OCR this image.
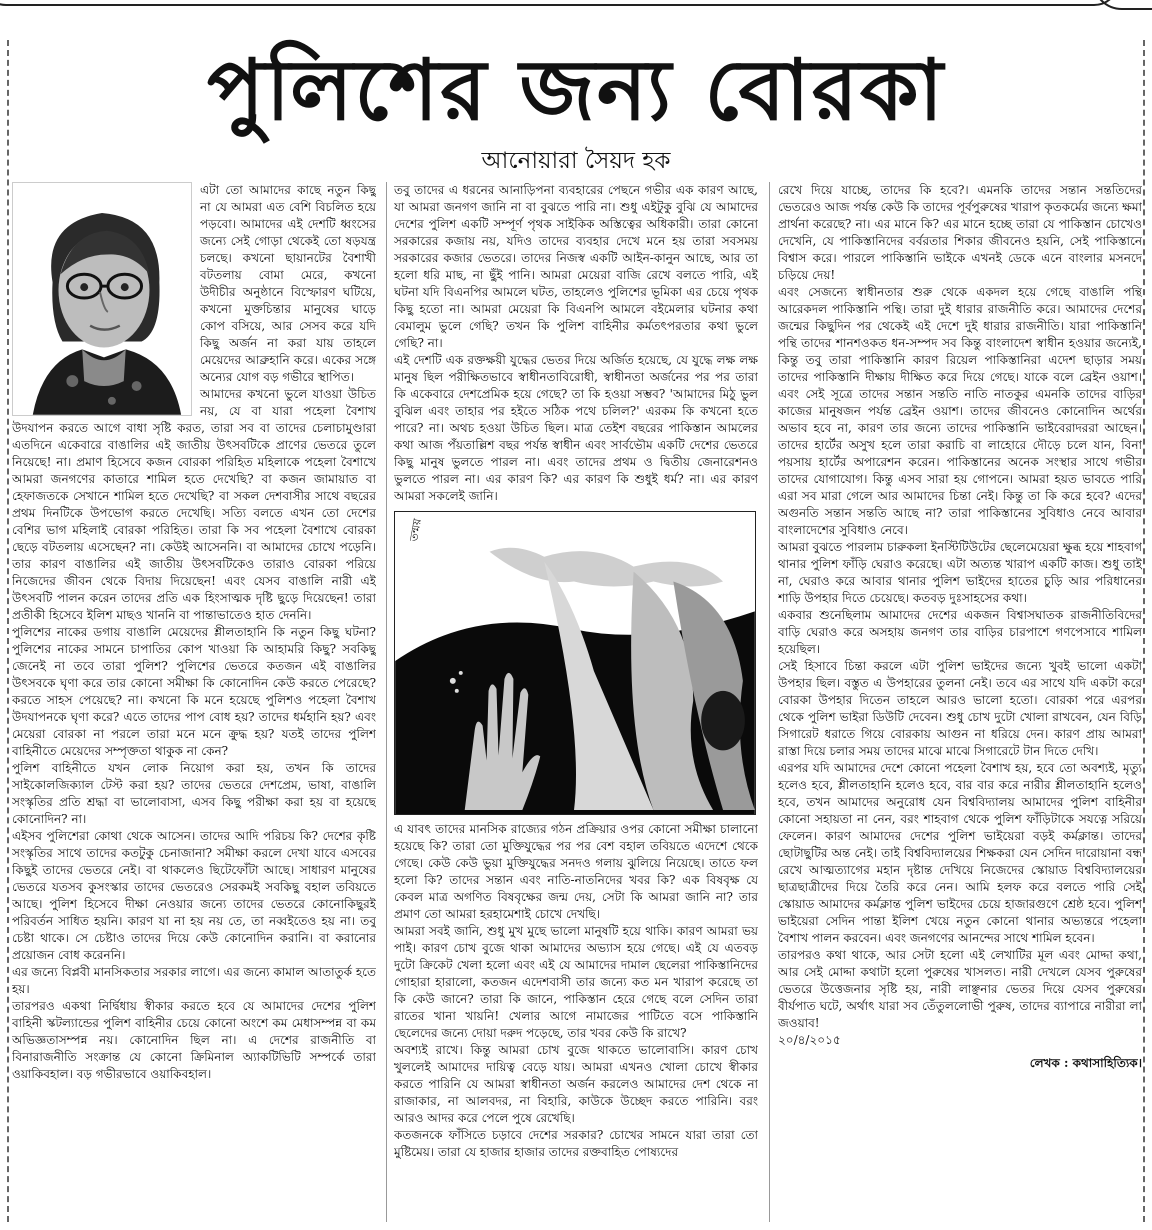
পুলিশের জন্য বোরকা
আনোয়ারা সৈয়দ হক

এটা তো আমাদের কাছে নতুন কিছু না যে আমরা এত বেশি বিচলিত হয়ে পড়বো। আমাদের এই দেশটি ধ্বংসের জন্যে সেই গোড়া থেকেই তো ষড়যন্ত্র চলছে। কখনো ছায়ানটের বৈশাখী বটতলায় বোমা মেরে, কখনো উদীচীর অনুষ্ঠানে বিস্ফোরণ ঘটিয়ে, কখনো মুক্তচিন্তার মানুষের ঘাড়ে কোপ বসিয়ে, আর সেসব করে যদি কিছু অর্জন না করা যায় তাহলে মেয়েদের আব্রুহানি করে। একের সঙ্গে অন্যের যোগ বড় গভীরে স্থাপিত।

আমাদের কখনো ভুলে যাওয়া উচিত নয়, যে বা যারা পহেলা বৈশাখ উদযাপন করতে আগে বাধা সৃষ্টি করত, তারা সব বা তাদের চেলাচামুণ্ডারা এতদিনে একেবারে বাঙালির এই জাতীয় উৎসবটিকে প্রাণের ভেতরে তুলে নিয়েছে! না। প্রমাণ হিসেবে কজন বোরকা পরিহিত মহিলাকে পহেলা বৈশাখে আমরা জনগণের কাতারে শামিল হতে দেখেছি? বা কজন জামায়াত বা হেফাজতকে সেখানে শামিল হতে দেখেছি? বা সকল দেশবাসীর সাথে বছরের প্রথম দিনটিকে উপভোগ করতে দেখেছি। সত্যি বলতে এখন তো দেশের বেশির ভাগ মহিলাই বোরকা পরিহিত। তারা কি সব পহেলা বৈশাখে বোরকা ছেড়ে বটতলায় এসেছেন? না। কেউই আসেননি। বা আমাদের চোখে পড়েনি। তার কারণ বাঙালির এই জাতীয় উৎসবটিকেও তারাও বোরকা পরিয়ে নিজেদের জীবন থেকে বিদায় দিয়েছেন! এবং যেসব বাঙালি নারী এই উৎসবটি পালন করেন তাদের প্রতি এক হিংসাত্মক দৃষ্টি ছুড়ে দিয়েছেন! তারা প্রতীকী হিসেবে ইলিশ মাছও খাননি বা পান্তাভাতেও হাত দেননি।

পুলিশের নাকের ডগায় বাঙালি মেয়েদের শ্লীলতাহানি কি নতুন কিছু ঘটনা? পুলিশের নাকের সামনে চাপাতির কোপ খাওয়া কি আহামরি কিছু? সবকিছু জেনেই না তবে তারা পুলিশ? পুলিশের ভেতরে কতজন এই বাঙালির উৎসবকে ঘৃণা করে তার কোনো সমীক্ষা কি কোনোদিন কেউ করতে পেরেছে? করতে সাহস পেয়েছে? না। কখনো কি মনে হয়েছে পুলিশও পহেলা বৈশাখ উদযাপনকে ঘৃণা করে? এতে তাদের পাপ বোধ হয়? তাদের ধর্মহানি হয়? এবং মেয়েরা বোরকা না পরলে তারা মনে মনে ক্রুদ্ধ হয়? যতই তাদের পুলিশ বাহিনীতে মেয়েদের সম্পৃক্ততা থাকুক না কেন?

পুলিশ বাহিনীতে যখন লোক নিয়োগ করা হয়, তখন কি তাদের সাইকোলজিক্যাল টেস্ট করা হয়? তাদের ভেতরে দেশপ্রেম, ভাষা, বাঙালি সংস্কৃতির প্রতি শ্রদ্ধা বা ভালোবাসা, এসব কিছু পরীক্ষা করা হয় বা হয়েছে কোনোদিন? না।

এইসব পুলিশেরা কোথা থেকে আসেন। তাদের আদি পরিচয় কি? দেশের কৃষ্টি সংস্কৃতির সাথে তাদের কতটুকু চেনাজানা? সমীক্ষা করলে দেখা যাবে এসবের কিছুই তাদের ভেতরে নেই। বা থাকলেও ছিটেফোঁটা আছে। সাধারণ মানুষের ভেতরে যতসব কুসংস্কার তাদের ভেতরেও সেরকমই সবকিছু বহাল তবিয়তে আছে। পুলিশ হিসেবে দীক্ষা নেওয়ার জন্যে তাদের ভেতরে কোনোকিছুরই পরিবর্তন সাধিত হয়নি। কারণ যা না হয় নয় তে, তা নব্বইতেও হয় না। তবু চেষ্টা থাকে। সে চেষ্টাও তাদের দিয়ে কেউ কোনোদিন করানি। বা করানোর প্রয়োজন বোধ করেননি।

এর জন্যে বিপ্লবী মানসিকতার সরকার লাগে। এর জন্যে কামাল আতাতুর্ক হতে হয়।

তারপরও একথা নির্দ্বিধায় স্বীকার করতে হবে যে আমাদের দেশের পুলিশ বাহিনী স্কটল্যান্ডের পুলিশ বাহিনীর চেয়ে কোনো অংশে কম মেধাসম্পন্ন বা কম অভিজ্ঞতাসম্পন্ন নয়। কোনোদিন ছিল না। এ দেশের রাজনীতি বা বিনারাজনীতি সংক্রান্ত যে কোনো ক্রিমিনাল অ্যাকটিভিটি সম্পর্কে তারা ওয়াকিবহাল। বড় গভীরভাবে ওয়াকিবহাল।

তবু তাদের এ ধরনের আনাড়িপনা ব্যবহারের পেছনে গভীর এক কারণ আছে, যা আমরা জনগণ জানি না বা বুঝতে পারি না। শুধু এইটুকু বুঝি যে আমাদের দেশের পুলিশ একটি সম্পূর্ণ পৃথক সাইকিক অস্তিত্বের অধিকারী। তারা কোনো সরকারের কজায় নয়, যদিও তাদের ব্যবহার দেখে মনে হয় তারা সবসময় সরকারের কজার ভেতরে। তাদের নিজস্ব একটি আইন-কানুন আছে, আর তা হলো ধরি মাছ, না ছুঁই পানি। আমরা মেয়েরা বাজি রেখে বলতে পারি, এই ঘটনা যদি বিএনপির আমলে ঘটত, তাহলেও পুলিশের ভূমিকা এর চেয়ে পৃথক কিছু হতো না। আমরা মেয়েরা কি বিএনপি আমলে বইমেলার ঘটনার কথা বেমালুম ভুলে গেছি? তখন কি পুলিশ বাহিনীর কর্মতৎপরতার কথা ভুলে গেছি? না।

এই দেশটি এক রক্তক্ষয়ী যুদ্ধের ভেতর দিয়ে অর্জিত হয়েছে, যে যুদ্ধে লক্ষ লক্ষ মানুষ ছিল পরীক্ষিতভাবে স্বাধীনতাবিরোধী, স্বাধীনতা অর্জনের পর পর তারা কি একেবারে দেশপ্রেমিক হয়ে গেছে? তা কি হওয়া সম্ভব? 'আমাদের মিঠু ভুল বুঝিল এবং তাহার পর হইতে সঠিক পথে চলিল?' এরকম কি কখনো হতে পারে? না। অথচ হওয়া উচিত ছিল। মাত্র তেইশ বছরের পাকিস্তান আমলের কথা আজ পঁয়তাল্লিশ বছর পর্যন্ত স্বাধীন এবং সার্বভৌম একটি দেশের ভেতরে কিছু মানুষ ভুলতে পারল না। এবং তাদের প্রথম ও দ্বিতীয় জেনারেশনও ভুলতে পারল না। এর কারণ কি? এর কারণ কি শুধুই ধর্ম? না। এর কারণ আমরা সকলেই জানি।

তন্ময়

এ যাবৎ তাদের মানসিক রাজ্যের গঠন প্রক্রিয়ার ওপর কোনো সমীক্ষা চালানো হয়েছে কি? তারা তো মুক্তিযুদ্ধের পর পর বেশ বহাল তবিয়তে এদেশে থেকে গেছে। কেউ কেউ ভুয়া মুক্তিযুদ্ধের সনদও গলায় ঝুলিয়ে নিয়েছে। তাতে ফল হলো কি? তাদের সন্তান এবং নাতি-নাতনিদের খবর কি? এক বিষবৃক্ষ যে কেবল মাত্র অগণিত বিষবৃক্ষের জন্ম দেয়, সেটা কি আমরা জানি না? তার প্রমাণ তো আমরা হরহামেশাই চোখে দেখছি।

আমরা সবই জানি, শুধু মুখ মুছে ভালো মানুষটি হয়ে থাকি। কারণ আমরা ভয় পাই। কারণ চোখ বুজে থাকা আমাদের অভ্যাস হয়ে গেছে। এই যে এতবড় দুটো ক্রিকেট খেলা হলো এবং এই যে আমাদের দামাল ছেলেরা পাকিস্তানিদের গোহারা হারালো, কতজন এদেশবাসী তার জন্যে কত মন খারাপ করেছে তা কি কেউ জানে? তারা কি জানে, পাকিস্তান হেরে গেছে বলে সেদিন তারা রাতের খানা খায়নি! খেলার আগে নামাজের পাটিতে বসে পাকিস্তানি ছেলেদের জন্যে দোয়া দরুদ পড়েছে, তার খবর কেউ কি রাখে?

অবশ্যই রাখে। কিন্তু আমরা চোখ বুজে থাকতে ভালোবাসি। কারণ চোখ খুললেই আমাদের দায়িত্ব বেড়ে যায়। আমরা এখনও খোলা চোখে স্বীকার করতে পারিনি যে আমরা স্বাধীনতা অর্জন করলেও আমাদের দেশ থেকে না রাজাকার, না আলবদর, না বিহারি, কাউকে উচ্ছেদ করতে পারিনি। বরং আরও আদর করে পেলে পুষে রেখেছি।

কতজনকে ফাঁসিতে চড়াবে দেশের সরকার? চোখের সামনে যারা তারা তো মুষ্টিমেয়। তারা যে হাজার হাজার তাদের রক্তবাহিত পোষ্যদের

রেখে দিয়ে যাচ্ছে, তাদের কি হবে?। এমনকি তাদের সন্তান সন্ততিদের ভেতরেও আজ পর্যন্ত কেউ কি তাদের পূর্বপুরুষের খারাপ কৃতকর্মের জন্যে ক্ষমা প্রার্থনা করেছে? না। এর মানে কি? এর মানে হচ্ছে তারা যে পাকিস্তান চোখেও দেখেনি, যে পাকিস্তানিদের বর্বরতার শিকার জীবনেও হয়নি, সেই পাকিস্তানে বিশ্বাস করে। পারলে পাকিস্তানি ভাইকে এখনই ডেকে এনে বাংলার মসনদে চড়িয়ে দেয়!

এবং সেজন্যে স্বাধীনতার শুরু থেকে একদল হয়ে গেছে বাঙালি পন্থি আরেকদল পাকিস্তানি পন্থি। তারা দুই ধারার রাজনীতি করে। আমাদের দেশের জন্মের কিছুদিন পর থেকেই এই দেশে দুই ধারার রাজনীতি। যারা পাকিস্তানি পন্থি তাদের শানশওকত ধন-সম্পদ সব কিন্তু বাংলাদেশ স্বাধীন হওয়ার জন্যেই, কিন্তু তবু তারা পাকিস্তানি কারণ রিয়েল পাকিস্তানিরা এদেশ ছাড়ার সময় তাদের পাকিস্তানি দীক্ষায় দীক্ষিত করে দিয়ে গেছে। যাকে বলে ব্রেইন ওয়াশ। এবং সেই সূত্রে তাদের সন্তান সন্ততি নাতি নাতকুর এমনকি তাদের বাড়ির কাজের মানুষজন পর্যন্ত ব্রেইন ওয়াশ। তাদের জীবনেও কোনোদিন অর্থের অভাব হবে না, কারণ তার জন্যে তাদের পাকিস্তানি ভাইবেরাদররা আছেন। তাদের হার্টের অসুখ হলে তারা করাচি বা লাহোরে দৌড়ে চলে যান, বিনা পয়সায় হার্টের অপারেশন করেন। পাকিস্তানের অনেক সংস্থার সাথে গভীর তাদের যোগাযোগ। কিন্তু এসব সারা হয় গোপনে। আমরা হয়ত ভাবতে পারি এরা সব মারা গেলে আর আমাদের চিন্তা নেই। কিন্তু তা কি করে হবে? এদের অগুনতি সন্তান সন্ততি আছে না? তারা পাকিস্তানের সুবিধাও নেবে আবার বাংলাদেশের সুবিধাও নেবে।

আমরা বুঝতে পারলাম চারুকলা ইনস্টিটিউটের ছেলেমেয়েরা ক্ষুব্ধ হয়ে শাহবাগ থানার পুলিশ ফাঁড়ি ঘেরাও করেছে। এটা অত্যন্ত খারাপ একটি কাজ। শুধু তাই না, ঘেরাও করে আবার থানার পুলিশ ভাইদের হাতের চুড়ি আর পরিধানের শাড়ি উপহার দিতে চেয়েছে। কতবড় দুঃসাহসের কথা।

একবার শুনেছিলাম আমাদের দেশের একজন বিশ্বাসঘাতক রাজনীতিবিদের বাড়ি ঘেরাও করে অসহায় জনগণ তার বাড়ির চারপাশে গণপেসাবে শামিল হয়েছিল।

সেই হিসাবে চিন্তা করলে এটা পুলিশ ভাইদের জন্যে খুবই ভালো একটা উপহার ছিল। বস্তুত এ উপহারের তুলনা নেই। তবে এর সাথে যদি একটা করে বোরকা উপহার দিতেন তাহলে আরও ভালো হতো। বোরকা পরে এরপর থেকে পুলিশ ভাইরা ডিউটি দেবেন। শুধু চোখ দুটো খোলা রাখবেন, যেন বিড়ি সিগারেট ধরাতে গিয়ে বোরকায় আগুন না ধরিয়ে দেন। কারণ প্রায় আমরা রাস্তা দিয়ে চলার সময় তাদের মাঝে মাঝে সিগারেটে টান দিতে দেখি।

এরপর যদি আমাদের দেশে কোনো পহেলা বৈশাখ হয়, হবে তো অবশ্যই, মৃত্যু হলেও হবে, শ্লীলতাহানি হলেও হবে, বার বার করে নারীর শ্লীলতাহানি হলেও হবে, তখন আমাদের অনুরোধ যেন বিশ্ববিদ্যালয় আমাদের পুলিশ বাহিনীর কোনো সহায়তা না নেন, বরং শাহবাগ থেকে পুলিশ ফাঁড়িটাকে সযত্নে সরিয়ে ফেলেন। কারণ আমাদের দেশের পুলিশ ভাইয়েরা বড়ই কর্মক্লান্ত। তাদের ছোটাছুটির অন্ত নেই। তাই বিশ্ববিদ্যালয়ের শিক্ষকরা যেন সেদিন দারোয়ানা বন্ধ রেখে আত্মত্যাগের মহান দৃষ্টান্ত দেখিয়ে নিজেদের স্কোয়াড বিশ্ববিদ্যালয়ের ছাত্রছাত্রীদের দিয়ে তৈরি করে নেন। আমি হলফ করে বলতে পারি সেই স্কোয়াড আমাদের কর্মক্লান্ত পুলিশ ভাইদের চেয়ে হাজারগুণে শ্রেষ্ঠ হবে। পুলিশ ভাইয়েরা সেদিন পান্তা ইলিশ খেয়ে নতুন কোনো থানার অভ্যন্তরে পহেলা বৈশাখ পালন করবেন। এবং জনগণের আনন্দের সাথে শামিল হবেন।

তারপরও কথা থাকে, আর সেটা হলো এই লেখাটির মূল এবং মোদ্দা কথা, আর সেই মোদ্দা কথাটা হলো পুরুষের খাসলত। নারী দেখলে যেসব পুরুষের ভেতরে উত্তেজনার সৃষ্টি হয়, নারী লাঞ্ছনার ভেতর দিয়ে যেসব পুরুষের বীর্যপাত ঘটে, অর্থাৎ যারা সব তেঁতুললোভী পুরুষ, তাদের ব্যাপারে নারীরা লা জওয়াব!

২০/৪/২০১৫

লেখক : কথাসাহিত্যিক।
